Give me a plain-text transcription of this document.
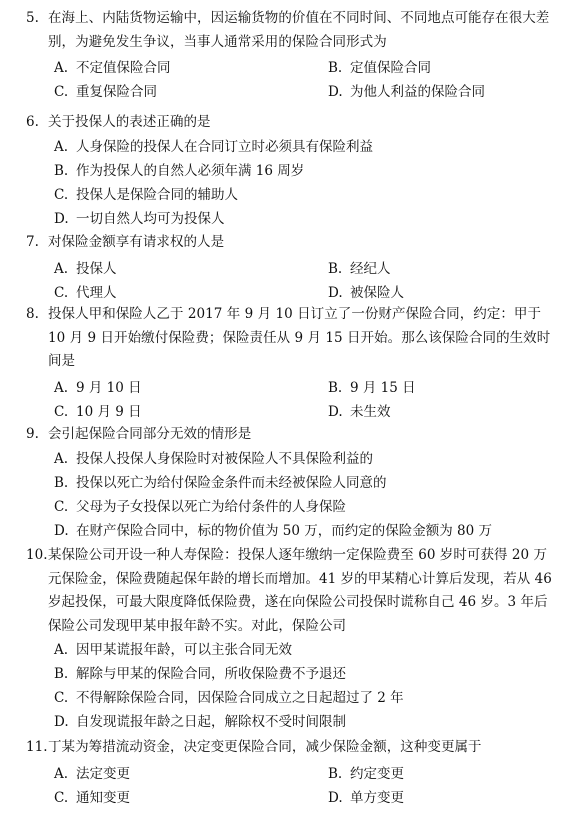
5. 在海上、内陆货物运输中，因运输货物的价值在不同时间、不同地点可能存在很大差别，为避免发生争议，当事人通常采用的保险合同形式为
A. 不定值保险合同	B. 定值保险合同
C. 重复保险合同	D. 为他人利益的保险合同
6. 关于投保人的表述正确的是
A. 人身保险的投保人在合同订立时必须具有保险利益
B. 作为投保人的自然人必须年满 16 周岁
C. 投保人是保险合同的辅助人
D. 一切自然人均可为投保人
7. 对保险金额享有请求权的人是
A. 投保人	B. 经纪人
C. 代理人	D. 被保险人
8. 投保人甲和保险人乙于 2017 年 9 月 10 日订立了一份财产保险合同，约定：甲于 10 月 9 日开始缴付保险费；保险责任从 9 月 15 日开始。那么该保险合同的生效时间是
A. 9 月 10 日	B. 9 月 15 日
C. 10 月 9 日	D. 未生效
9. 会引起保险合同部分无效的情形是
A. 投保人投保人身保险时对被保险人不具保险利益的
B. 投保以死亡为给付保险金条件而未经被保险人同意的
C. 父母为子女投保以死亡为给付条件的人身保险
D. 在财产保险合同中，标的物价值为 50 万，而约定的保险金额为 80 万
10.某保险公司开设一种人寿保险：投保人逐年缴纳一定保险费至 60 岁时可获得 20 万元保险金，保险费随起保年龄的增长而增加。41 岁的甲某精心计算后发现，若从 46 岁起投保，可最大限度降低保险费，遂在向保险公司投保时谎称自己 46 岁。3 年后保险公司发现甲某申报年龄不实。对此，保险公司
A. 因甲某谎报年龄，可以主张合同无效
B. 解除与甲某的保险合同，所收保险费不予退还
C. 不得解除保险合同，因保险合同成立之日起超过了 2 年
D. 自发现谎报年龄之日起，解除权不受时间限制
11.丁某为筹措流动资金，决定变更保险合同，减少保险金额，这种变更属于
A. 法定变更	B. 约定变更
C. 通知变更	D. 单方变更
